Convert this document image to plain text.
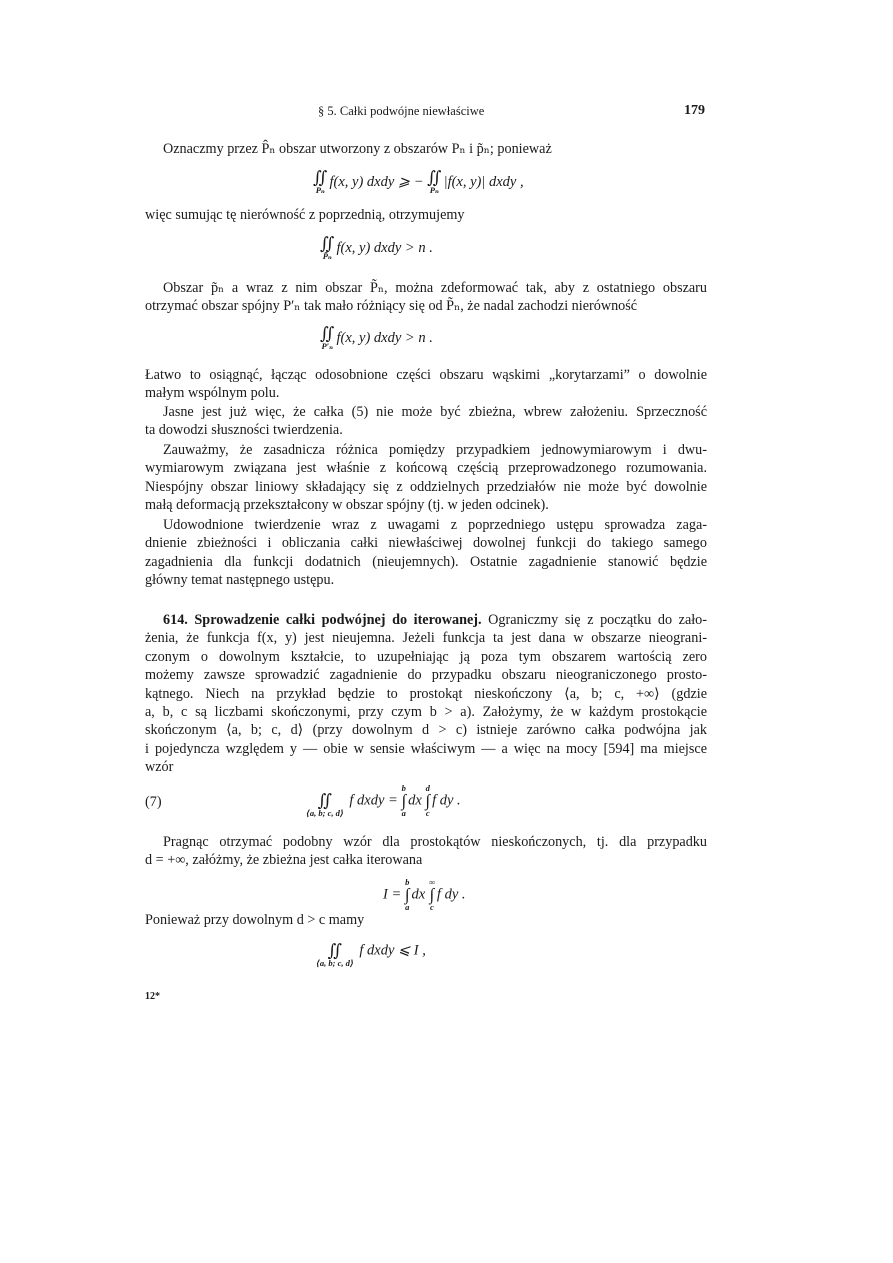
§ 5. Całki podwójne niewłaściwe	179
Oznaczmy przez P̂ₙ obszar utworzony z obszarów Pₙ i p̃ₙ; ponieważ
więc sumując tę nierówność z poprzednią, otrzymujemy
Obszar p̃ₙ a wraz z nim obszar P̃ₙ, można zdeformować tak, aby z ostatniego obszaru
otrzymać obszar spójny P′ₙ tak mało różniący się od P̃ₙ, że nadal zachodzi nierówność
Łatwo to osiągnąć, łącząc odosobnione części obszaru wąskimi „korytarzami” o dowolnie
małym wspólnym polu.
Jasne jest już więc, że całka (5) nie może być zbieżna, wbrew założeniu. Sprzeczność
ta dowodzi słuszności twierdzenia.
Zauważmy, że zasadnicza różnica pomiędzy przypadkiem jednowymiarowym i dwu-
wymiarowym związana jest właśnie z końcową częścią przeprowadzonego rozumowania.
Niespójny obszar liniowy składający się z oddzielnych przedziałów nie może być dowolnie
małą deformacją przekształcony w obszar spójny (tj. w jeden odcinek).
Udowodnione twierdzenie wraz z uwagami z poprzedniego ustępu sprowadza zaga-
dnienie zbieżności i obliczania całki niewłaściwej dowolnej funkcji do takiego samego
zagadnienia dla funkcji dodatnich (nieujemnych). Ostatnie zagadnienie stanowić będzie
główny temat następnego ustępu.
614. Sprowadzenie całki podwójnej do iterowanej. Ograniczmy się z początku do zało-
żenia, że funkcja f(x, y) jest nieujemna. Jeżeli funkcja ta jest dana w obszarze nieograni-
czonym o dowolnym kształcie, to uzupełniając ją poza tym obszarem wartością zero
możemy zawsze sprowadzić zagadnienie do przypadku obszaru nieograniczonego prosto-
kątnego. Niech na przykład będzie to prostokąt nieskończony ⟨a, b; c, +∞⟩ (gdzie
a, b, c są liczbami skończonymi, przy czym b > a). Założymy, że w każdym prostokącie
skończonym ⟨a, b; c, d⟩ (przy dowolnym d > c) istnieje zarówno całka podwójna jak
i pojedyncza względem y — obie w sensie właściwym — a więc na mocy [594] ma miejsce
wzór
Pragnąc otrzymać podobny wzór dla prostokątów nieskończonych, tj. dla przypadku
d = +∞, załóżmy, że zbieżna jest całka iterowana
Ponieważ przy dowolnym d > c mamy
∬
Pₙ
f(x, y) dxdy ⩾ − ∬
Pₙ
|f(x, y)| dxdy ,
∬
P̃ₙ
f(x, y) dxdy > n .
∬
P′ₙ
f(x, y) dxdy > n .
(7)	∬
⟨a, b; c, d⟩
f dxdy =
b
∫
a
dx
d
∫
c
f dy .
I =
b
∫
a
dx
∞
∫
c
f dy .
∬
⟨a, b; c, d⟩
f dxdy ⩽ I ,
12*
